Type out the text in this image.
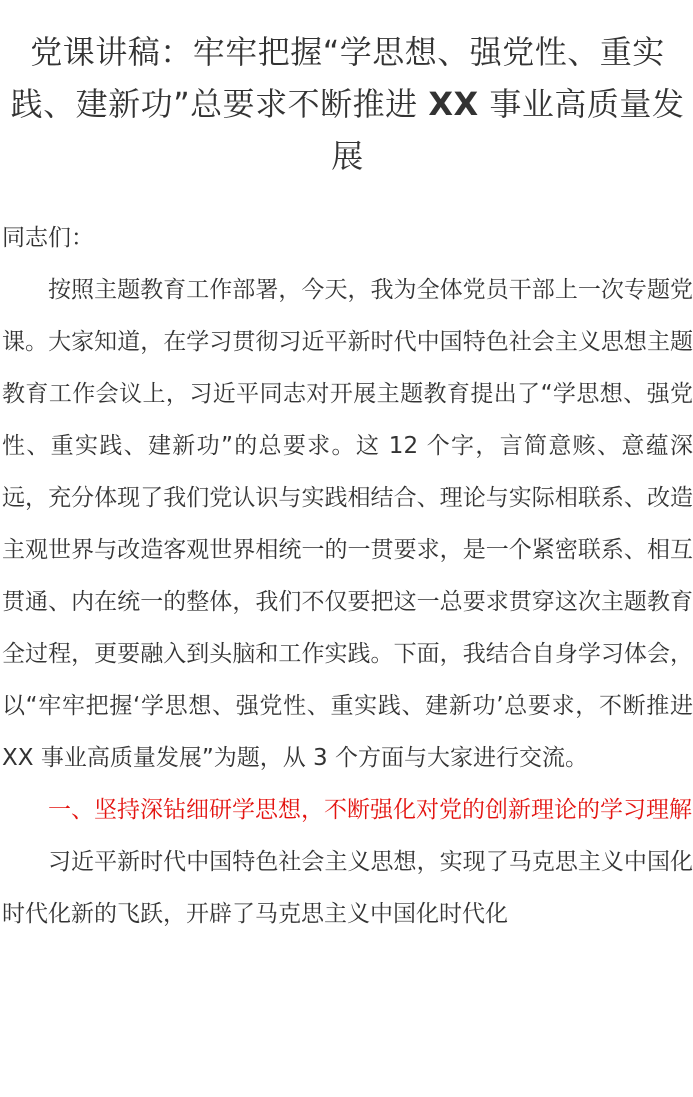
党课讲稿：牢牢把握“学思想、强党性、重实践、建新功”总要求不断推进 XX 事业高质量发展
同志们：

按照主题教育工作部署，今天，我为全体党员干部上一次专题党课。大家知道，在学习贯彻习近平新时代中国特色社会主义思想主题教育工作会议上，习近平同志对开展主题教育提出了“学思想、强党性、重实践、建新功”的总要求。这 12 个字，言简意赅、意蕴深远，充分体现了我们党认识与实践相结合、理论与实际相联系、改造主观世界与改造客观世界相统一的一贯要求，是一个紧密联系、相互贯通、内在统一的整体，我们不仅要把这一总要求贯穿这次主题教育全过程，更要融入到头脑和工作实践。下面，我结合自身学习体会，以“牢牢把握‘学思想、强党性、重实践、建新功’总要求，不断推进 XX 事业高质量发展”为题，从 3 个方面与大家进行交流。

一、坚持深钻细研学思想，不断强化对党的创新理论的学习理解

习近平新时代中国特色社会主义思想，实现了马克思主义中国化时代化新的飞跃，开辟了马克思主义中国化时代化
